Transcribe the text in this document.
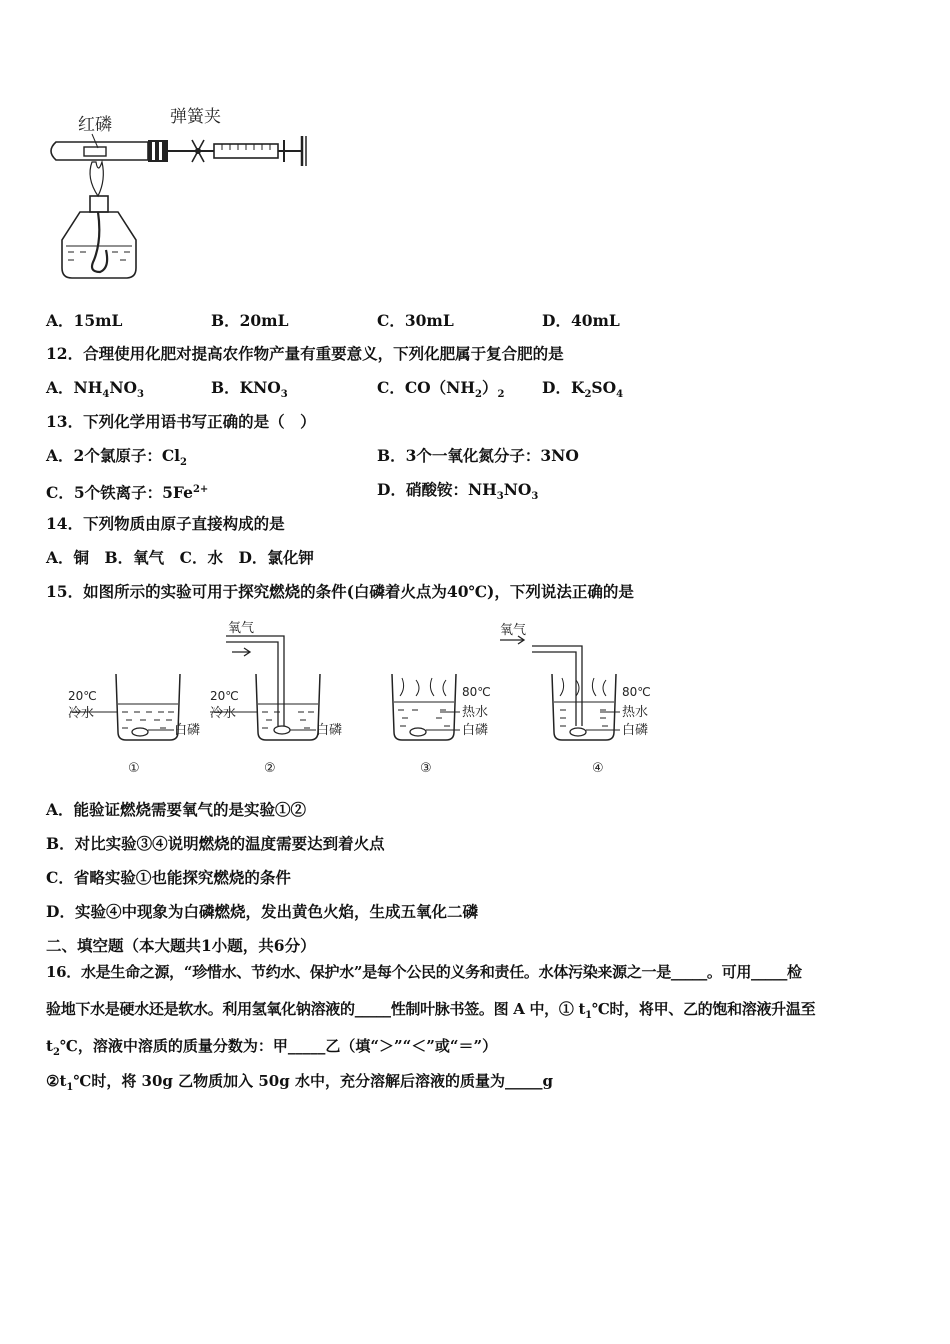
红磷	弹簧夹
A．15mL	B．20mL	C．30mL	D．40mL
12．合理使用化肥对提高农作物产量有重要意义，下列化肥属于复合肥的是
A．$NH_4NO_3$	B．$KNO_3$	C．$CO(NH_2)_2$ D．$K_2SO_4$
13．下列化学用语书写正确的是（　）
A．2个氯原子：$Cl_2$	B．3个一氧化氮分子：3NO
C．5个铁离子：$5Fe^{2+}$	D．硝酸铵：$NH_3NO_3$
14．下列物质由原子直接构成的是
A．铜　B．氧气　C．水　D．氯化钾
15．如图所示的实验可用于探究燃烧的条件(白磷着火点为40℃)，下列说法正确的是
20℃
冷水
白磷
①
氧气
20℃
冷水
白磷
②
80℃
热水
白磷
③
氧气
80℃
热水
白磷
④
A．能验证燃烧需要氧气的是实验①②
B．对比实验③④说明燃烧的温度需要达到着火点
C．省略实验①也能探究燃烧的条件
D．实验④中现象为白磷燃烧，发出黄色火焰，生成五氧化二磷
二、填空题（本大题共1小题，共6分）
16．水是生命之源，“珍惜水、节约水、保护水”是每个公民的义务和责任。水体污染来源之一是_____。可用_____检
验地下水是硬水还是软水。利用氢氧化钠溶液的_____性制叶脉书签。图 A 中，① $t_1℃$时，将甲、乙的饱和溶液升温至
$t_2℃$，溶液中溶质的质量分数为：甲_____乙（填“＞”“＜”或“＝”）
$②t_1℃$时，将 30g 乙物质加入 50g 水中，充分溶解后溶液的质量为_____g
